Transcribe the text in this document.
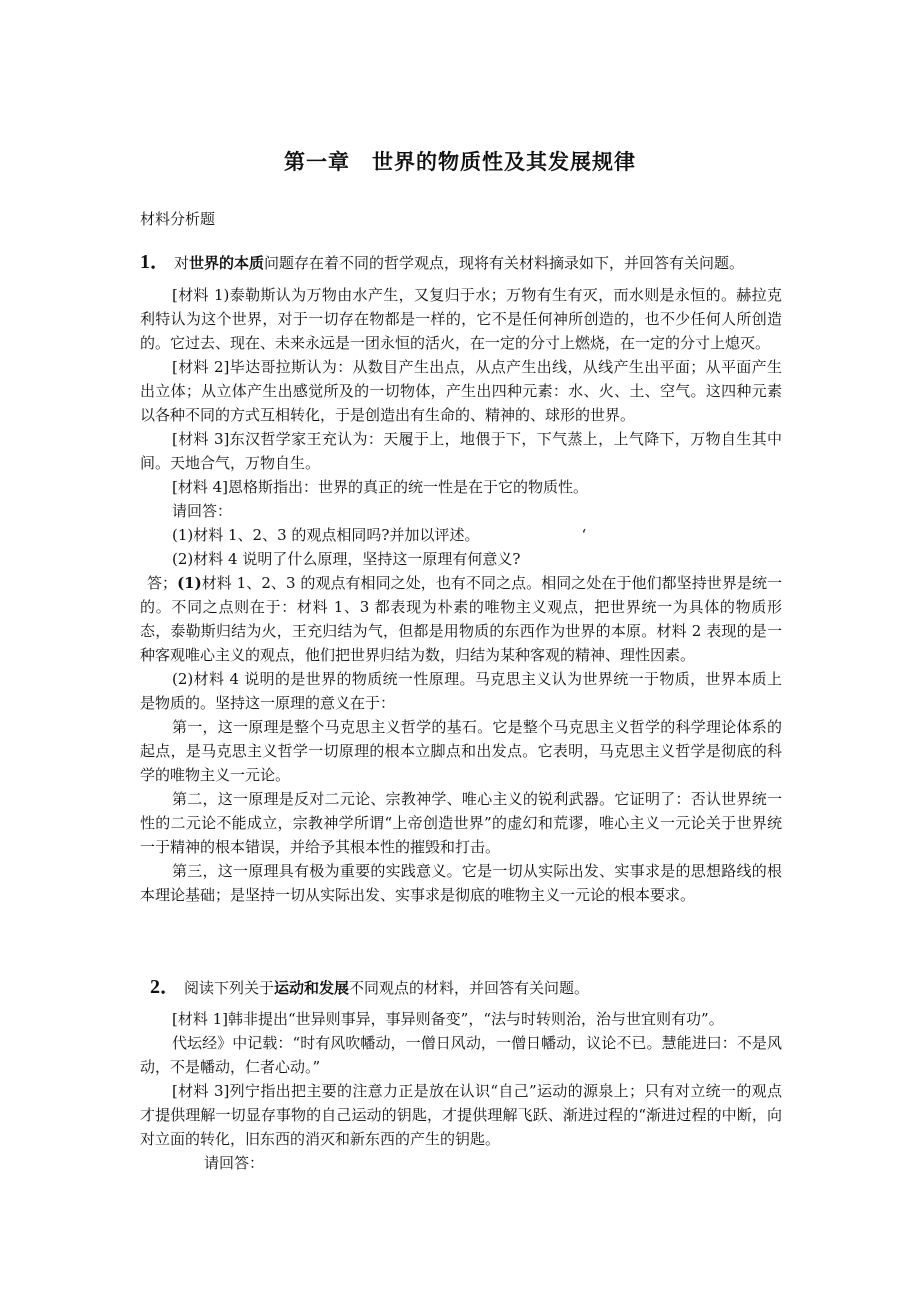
第一章　世界的物质性及其发展规律
材料分析题
1． 对世界的本质问题存在着不同的哲学观点，现将有关材料摘录如下，并回答有关问题。

[材料 1)泰勒斯认为万物由水产生，又复归于水；万物有生有灭，而水则是永恒的。赫拉克利特认为这个世界，对于一切存在物都是一样的，它不是任何神所创造的，也不少任何人所创造的。它过去、现在、未来永远是一团永恒的活火，在一定的分寸上燃烧，在一定的分寸上熄灭。

[材料 2]毕达哥拉斯认为：从数目产生出点，从点产生出线，从线产生出平面；从平面产生出立体；从立体产生出感觉所及的一切物体，产生出四种元素：水、火、土、空气。这四种元素以各种不同的方式互相转化，于是创造出有生命的、精神的、球形的世界。

[材料 3]东汉哲学家王充认为：天履于上，地偎于下，下气蒸上，上气降下，万物自生其中间。天地合气，万物自生。

[材料 4]恩格斯指出：世界的真正的统一性是在于它的物质性。

请回答：

(1)材料 1、2、3 的观点相同吗?并加以评述。	‘

(2)材料 4 说明了什么原理，坚持这一原理有何意义?

答；(1)材料 1、2、3 的观点有相同之处，也有不同之点。相同之处在于他们都坚持世界是统一的。不同之点则在于：材料 1、3 都表现为朴素的唯物主义观点，把世界统一为具体的物质形态，泰勒斯归结为火，王充归结为气，但都是用物质的东西作为世界的本原。材料 2 表现的是一种客观唯心主义的观点，他们把世界归结为数，归结为某种客观的精神、理性因素。

(2)材料 4 说明的是世界的物质统一性原理。马克思主义认为世界统一于物质，世界本质上是物质的。坚持这一原理的意义在于：

第一，这一原理是整个马克思主义哲学的基石。它是整个马克思主义哲学的科学理论体系的起点，是马克思主义哲学一切原理的根本立脚点和出发点。它表明，马克思主义哲学是彻底的科学的唯物主义一元论。

第二，这一原理是反对二元论、宗教神学、唯心主义的锐利武器。它证明了：否认世界统一性的二元论不能成立，宗教神学所谓“上帝创造世界”的虚幻和荒谬，唯心主义一元论关于世界统一于精神的根本错误，并给予其根本性的摧毁和打击。

第三，这一原理具有极为重要的实践意义。它是一切从实际出发、实事求是的思想路线的根本理论基础；是坚持一切从实际出发、实事求是彻底的唯物主义一元论的根本要求。

2． 阅读下列关于运动和发展不同观点的材料，并回答有关问题。

[材料 1]韩非提出“世异则事异，事异则备变”，“法与时转则治，治与世宜则有功”。

代坛经》中记载：“时有风吹幡动，一僧日风动，一僧日幡动，议论不已。慧能进曰：不是风动，不是幡动，仁者心动。”

[材料 3]列宁指出把主要的注意力正是放在认识“自己”运动的源泉上；只有对立统一的观点才提供理解一切显存事物的自己运动的钥匙，才提供理解飞跃、渐进过程的“渐进过程的中断，向对立面的转化，旧东西的消灭和新东西的产生的钥匙。

请回答：
